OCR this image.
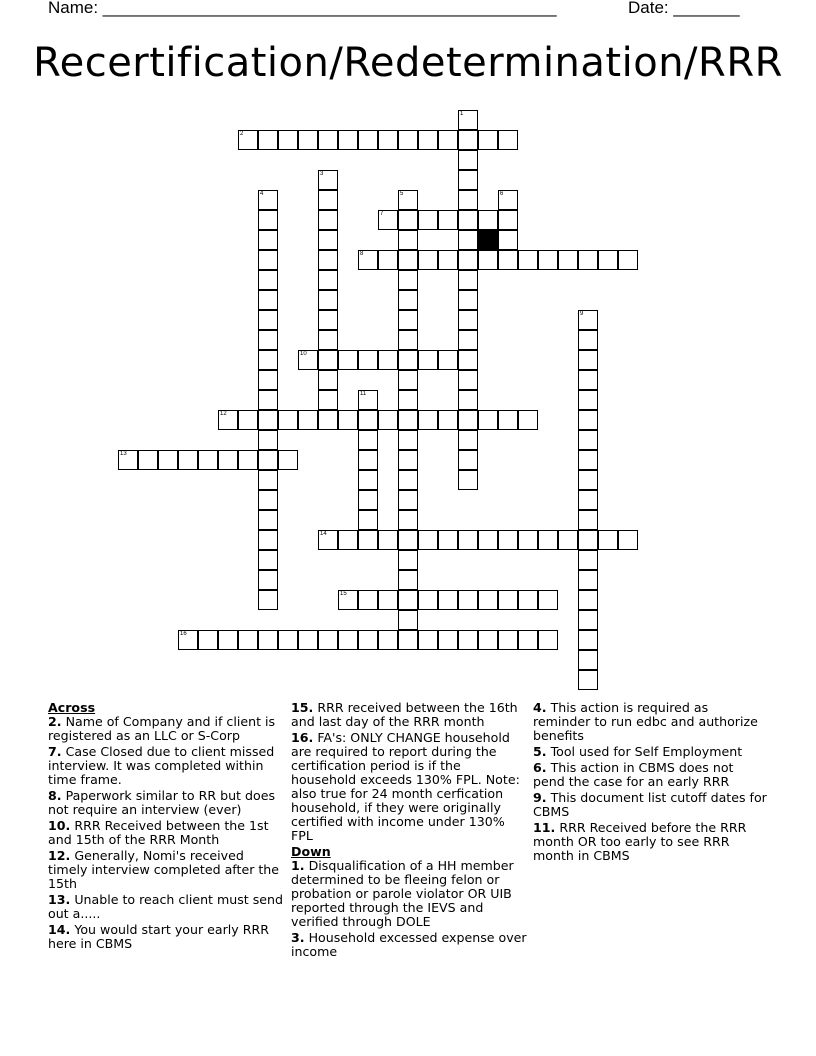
Name: ________________________________________________	Date: _______
Recertification/Redetermination/RRR
1
2
3
4	5	6
7
8
9
10
11
12
13
14
15
16
Across
2. Name of Company and if client is registered as an LLC or S-Corp
7. Case Closed due to client missed interview. It was completed within time frame.
8. Paperwork similar to RR but does not require an interview (ever)
10. RRR Received between the 1st and 15th of the RRR Month
12. Generally, Nomi's received timely interview completed after the 15th
13. Unable to reach client must send out a.....
14. You would start your early RRR here in CBMS
15. RRR received between the 16th and last day of the RRR month
16. FA's: ONLY CHANGE household are required to report during the certification period is if the household exceeds 130% FPL. Note: also true for 24 month cerfication household, if they were originally certified with income under 130% FPL
Down
1. Disqualification of a HH member determined to be fleeing felon or probation or parole violator OR UIB reported through the IEVS and verified through DOLE
3. Household excessed expense over income
4. This action is required as reminder to run edbc and authorize benefits
5. Tool used for Self Employment
6. This action in CBMS does not pend the case for an early RRR
9. This document list cutoff dates for CBMS
11. RRR Received before the RRR month OR too early to see RRR month in CBMS
